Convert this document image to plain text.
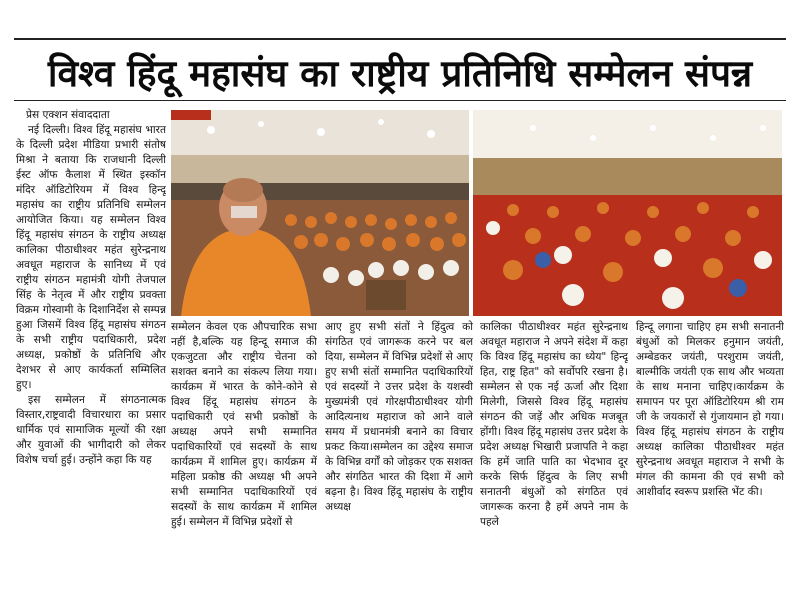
विश्व हिंदू महासंघ का राष्ट्रीय प्रतिनिधि सम्मेलन संपन्न

प्रेस एक्शन संवाददाता

नई दिल्ली। विश्व हिंदू महासंघ भारत के दिल्ली प्रदेश मीडिया प्रभारी संतोष मिश्रा ने बताया कि राजधानी दिल्ली ईस्ट ऑफ कैलाश में स्थित इस्कॉन मंदिर ऑडिटोरियम में विश्व हिन्दू महासंघ का राष्ट्रीय प्रतिनिधि सम्मेलन आयोजित किया। यह सम्मेलन विश्व हिंदू महासंघ संगठन के राष्ट्रीय अध्यक्ष कालिका पीठाधीश्वर महंत सुरेन्द्रनाथ अवधूत महाराज के सानिध्य में एवं राष्ट्रीय संगठन महामंत्री योगी तेजपाल सिंह के नेतृत्व में और राष्ट्रीय प्रवक्ता विक्रम गोस्वामी के दिशानिर्देश से सम्पन्न हुआ जिसमें विश्व हिंदू महासंघ संगठन के सभी राष्ट्रीय पदाधिकारी, प्रदेश अध्यक्ष, प्रकोष्ठों के प्रतिनिधि और देशभर से आए कार्यकर्ता सम्मिलित हुए।

इस सम्मेलन में संगठनात्मक विस्तार,राष्ट्रवादी विचारधारा का प्रसार धार्मिक एवं सामाजिक मूल्यों की रक्षा और युवाओं की भागीदारी को लेकर विशेष चर्चा हुई। उन्होंने कहा कि यह

सम्मेलन केवल एक औपचारिक सभा नहीं है,बल्कि यह हिन्दू समाज की एकजुटता और राष्ट्रीय चेतना को सशक्त बनाने का संकल्प लिया गया। कार्यक्रम में भारत के कोने-कोने से विश्व हिंदू महासंघ संगठन के पदाधिकारी एवं सभी प्रकोष्ठों के अध्यक्ष अपने सभी सम्मानित पदाधिकारियों एवं सदस्यों के साथ कार्यक्रम में शामिल हुए। कार्यक्रम में महिला प्रकोष्ठ की अध्यक्ष भी अपने सभी सम्मानित पदाधिकारियों एवं सदस्यों के साथ कार्यक्रम में शामिल हुई। सम्मेलन में विभिन्न प्रदेशों से

आए हुए सभी संतों ने हिंदुत्व को संगठित एवं जागरूक करने पर बल दिया, सम्मेलन में विभिन्न प्रदेशों से आए हुए सभी संतों सम्मानित पदाधिकारियों एवं सदस्यों ने उत्तर प्रदेश के यशस्वी मुख्यमंत्री एवं गोरक्षपीठाधीश्वर योगी आदित्यनाथ महाराज को आने वाले समय में प्रधानमंत्री बनाने का विचार प्रकट किया।सम्मेलन का उद्देश्य समाज के विभिन्न वर्गों को जोड़कर एक सशक्त और संगठित भारत की दिशा में आगे बढ़ना है। विश्व हिंदू महासंघ के राष्ट्रीय अध्यक्ष

कालिका पीठाधीश्वर महंत सुरेन्द्रनाथ अवधूत महाराज ने अपने संदेश में कहा कि विश्व हिंदू महासंघ का ध्येय" हिन्दू हित, राष्ट्र हित" को सर्वोपरि रखना है। सम्मेलन से एक नई ऊर्जा और दिशा मिलेगी, जिससे विश्व हिंदू महासंघ संगठन की जड़ें और अधिक मजबूत होंगी। विश्व हिंदू महासंघ उत्तर प्रदेश के प्रदेश अध्यक्ष भिखारी प्रजापति ने कहा कि हमें जाति पाति का भेदभाव दूर करके सिर्फ हिंदुत्व के लिए सभी सनातनी बंधुओं को संगठित एवं जागरूक करना है हमें अपने नाम के पहले

हिन्दू लगाना चाहिए हम सभी सनातनी बंधुओं को मिलकर हनुमान जयंती, अम्बेडकर जयंती, परशुराम जयंती, बाल्मीकि जयंती एक साथ और भव्यता के साथ मनाना चाहिए।कार्यक्रम के समापन पर पूरा ऑडिटोरियम श्री राम जी के जयकारों से गुंजायमान हो गया।विश्व हिंदू महासंघ संगठन के राष्ट्रीय अध्यक्ष कालिका पीठाधीश्वर महंत सुरेन्द्रनाथ अवधूत महाराज ने सभी के मंगल की कामना की एवं सभी को आशीर्वाद स्वरूप प्रशस्ति भेंट की।
